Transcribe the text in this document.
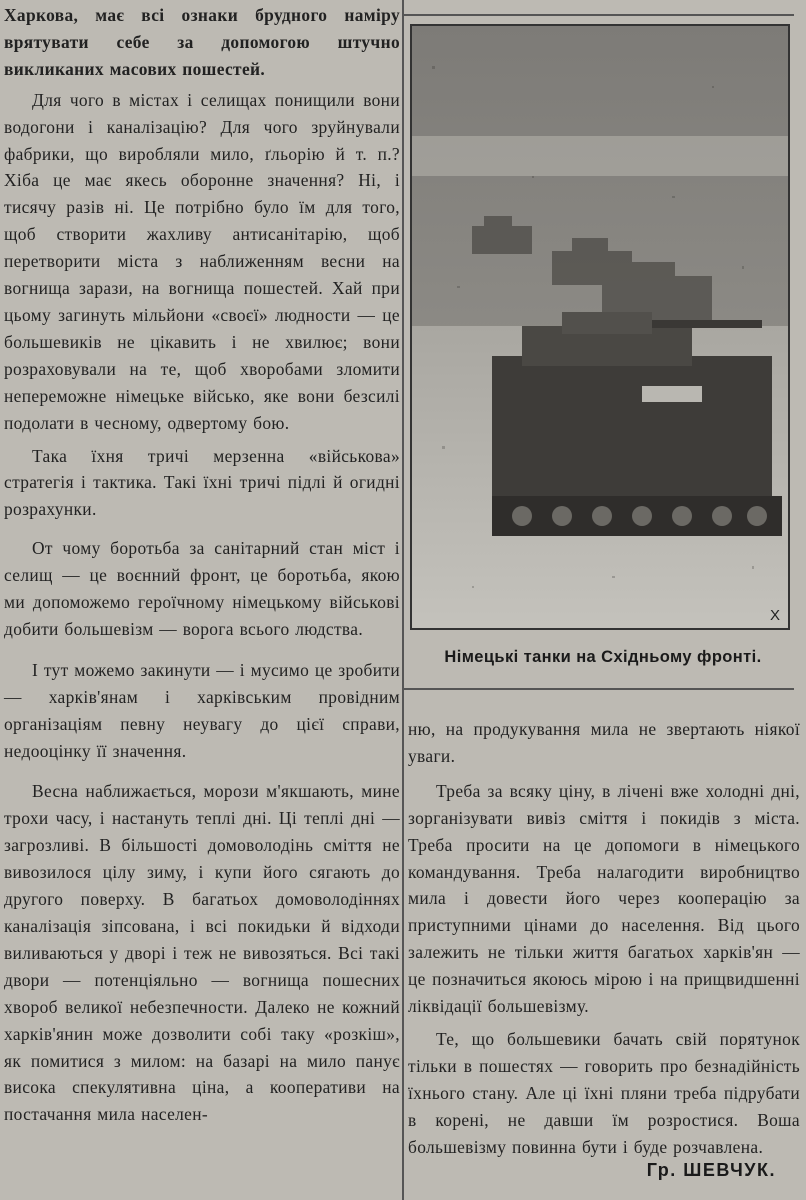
Харкова, має всі ознаки брудного наміру врятувати себе за допомогою штучно викликаних масових пошестей.

Для чого в містах і селищах понищили вони водогони і каналізацію? Для чого зруйнували фабрики, що виробляли мило, ґльорію й т. п.? Хіба це має якесь оборонне значення? Ні, і тисячу разів ні. Це потрібно було їм для того, щоб створити жахливу антисанітарію, щоб перетворити міста з наближенням весни на вогнища зарази, на вогнища пошестей. Хай при цьому загинуть мільйони «своєї» людности — це большевиків не цікавить і не хвилює; вони розраховували на те, щоб хворобами зломити непереможне німецьке військо, яке вони безсилі подолати в чесному, одвертому бою.

Така їхня тричі мерзенна «військова» стратегія і тактика. Такі їхні тричі підлі й огидні розрахунки.

От чому боротьба за санітарний стан міст і селищ — це воєнний фронт, це боротьба, якою ми допоможемо героїчному німецькому військові добити большевізм — ворога всього людства.

І тут можемо закинути — і мусимо це зробити — харків'янам і харківським провідним організаціям певну неувагу до цієї справи, недооцінку її значення.

Весна наближається, морози м'якшають, мине трохи часу, і настануть теплі дні. Ці теплі дні — загрозливі. В більшості домоволодінь сміття не вивозилося цілу зиму, і купи його сягають до другого поверху. В багатьох домоволодіннях каналізація зіпсована, і всі покидьки й відходи виливаються у дворі і теж не вивозяться. Всі такі двори — потенціяльно — вогнища пошесних хвороб великої небезпечности. Далеко не кожний харків'янин може дозволити собі таку «розкіш», як помитися з милом: на базарі на мило панує висока спекулятивна ціна, а кооперативи на постачання мила населен-

Х
Німецькі танки на Східньому фронті.

ню, на продукування мила не звертають ніякої уваги.

Треба за всяку ціну, в лічені вже холодні дні, зорганізувати вивіз сміття і покидів з міста. Треба просити на це допомоги в німецького командування. Треба налагодити виробництво мила і довести його через кооперацію за приступними цінами до населення. Від цього залежить не тільки життя багатьох харків'ян — це позначиться якоюсь мірою і на прищвидшенні ліквідації большевізму.

Те, що большевики бачать свій порятунок тільки в пошестях — говорить про безнадійність їхнього стану. Але ці їхні пляни треба підрубати в корені, не давши їм розростися. Вошa большевізму повинна бути і буде розчавлена.

Гр. ШЕВЧУК.
